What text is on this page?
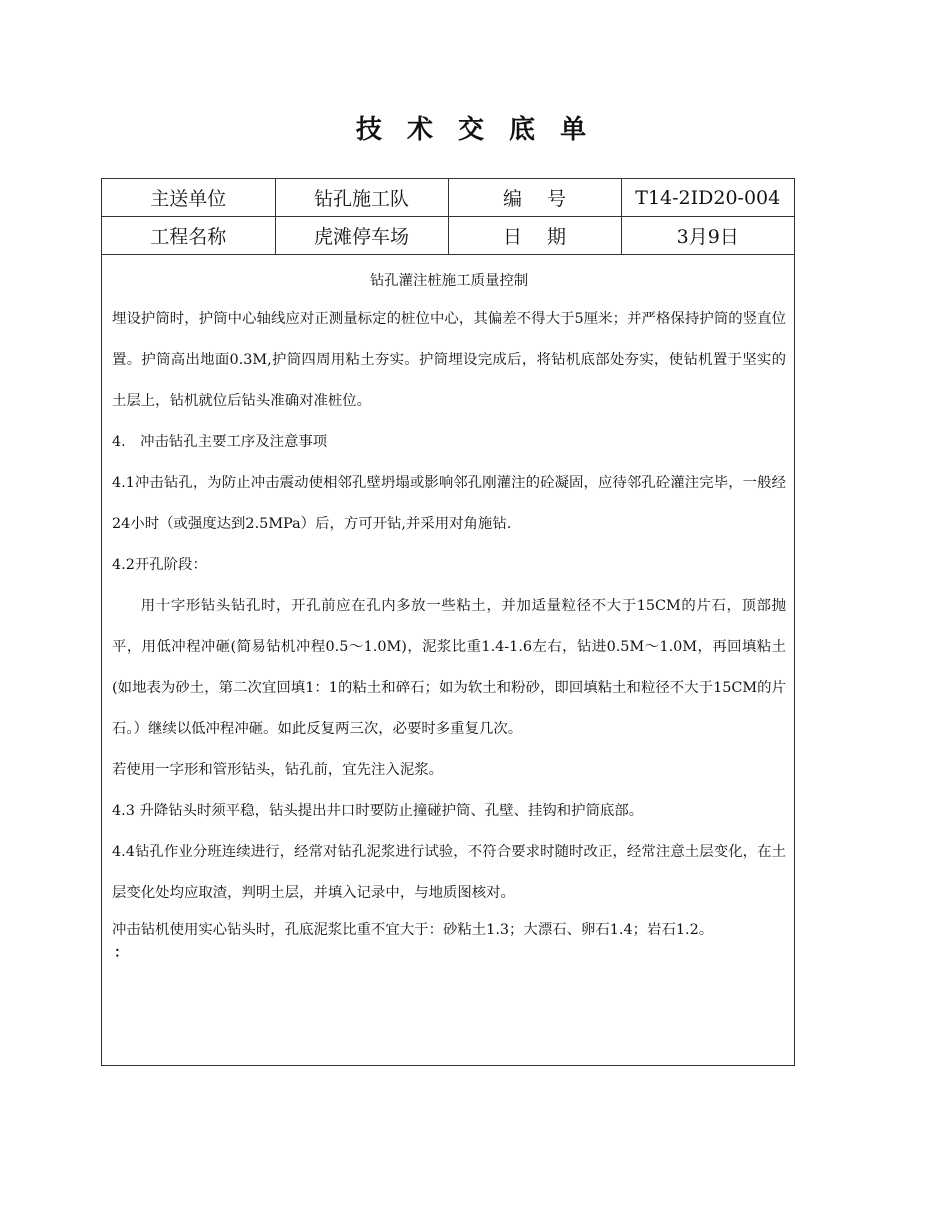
技 术 交 底 单
主送单位	钻孔施工队	编　 号	T14-2ID20-004
工程名称	虎滩停车场	日　 期	3月9日
钻孔灌注桩施工质量控制

埋设护筒时，护筒中心轴线应对正测量标定的桩位中心，其偏差不得大于5厘米；并严格保持护筒的竖直位置。护筒高出地面0.3M,护筒四周用粘土夯实。护筒埋设完成后，将钻机底部处夯实，使钻机置于坚实的土层上，钻机就位后钻头准确对准桩位。

4.　冲击钻孔主要工序及注意事项

4.1冲击钻孔，为防止冲击震动使相邻孔壁坍塌或影响邻孔刚灌注的砼凝固，应待邻孔砼灌注完毕，一般经24小时（或强度达到2.5MPa）后，方可开钻,并采用对角施钻.

4.2开孔阶段：

用十字形钻头钻孔时，开孔前应在孔内多放一些粘土，并加适量粒径不大于15CM的片石，顶部抛平，用低冲程冲砸(简易钻机冲程0.5～1.0M)，泥浆比重1.4-1.6左右，钻进0.5M～1.0M，再回填粘土(如地表为砂土，第二次宜回填1：1的粘土和碎石；如为软土和粉砂，即回填粘土和粒径不大于15CM的片石。）继续以低冲程冲砸。如此反复两三次，必要时多重复几次。

若使用一字形和管形钻头，钻孔前，宜先注入泥浆。

4.3 升降钻头时须平稳，钻头提出井口时要防止撞碰护筒、孔壁、挂钩和护筒底部。

4.4钻孔作业分班连续进行，经常对钻孔泥浆进行试验，不符合要求时随时改正，经常注意土层变化，在土层变化处均应取渣，判明土层，并填入记录中，与地质图核对。

冲击钻机使用实心钻头时，孔底泥浆比重不宜大于：砂粘土1.3；大漂石、卵石1.4；岩石1.2。

：
